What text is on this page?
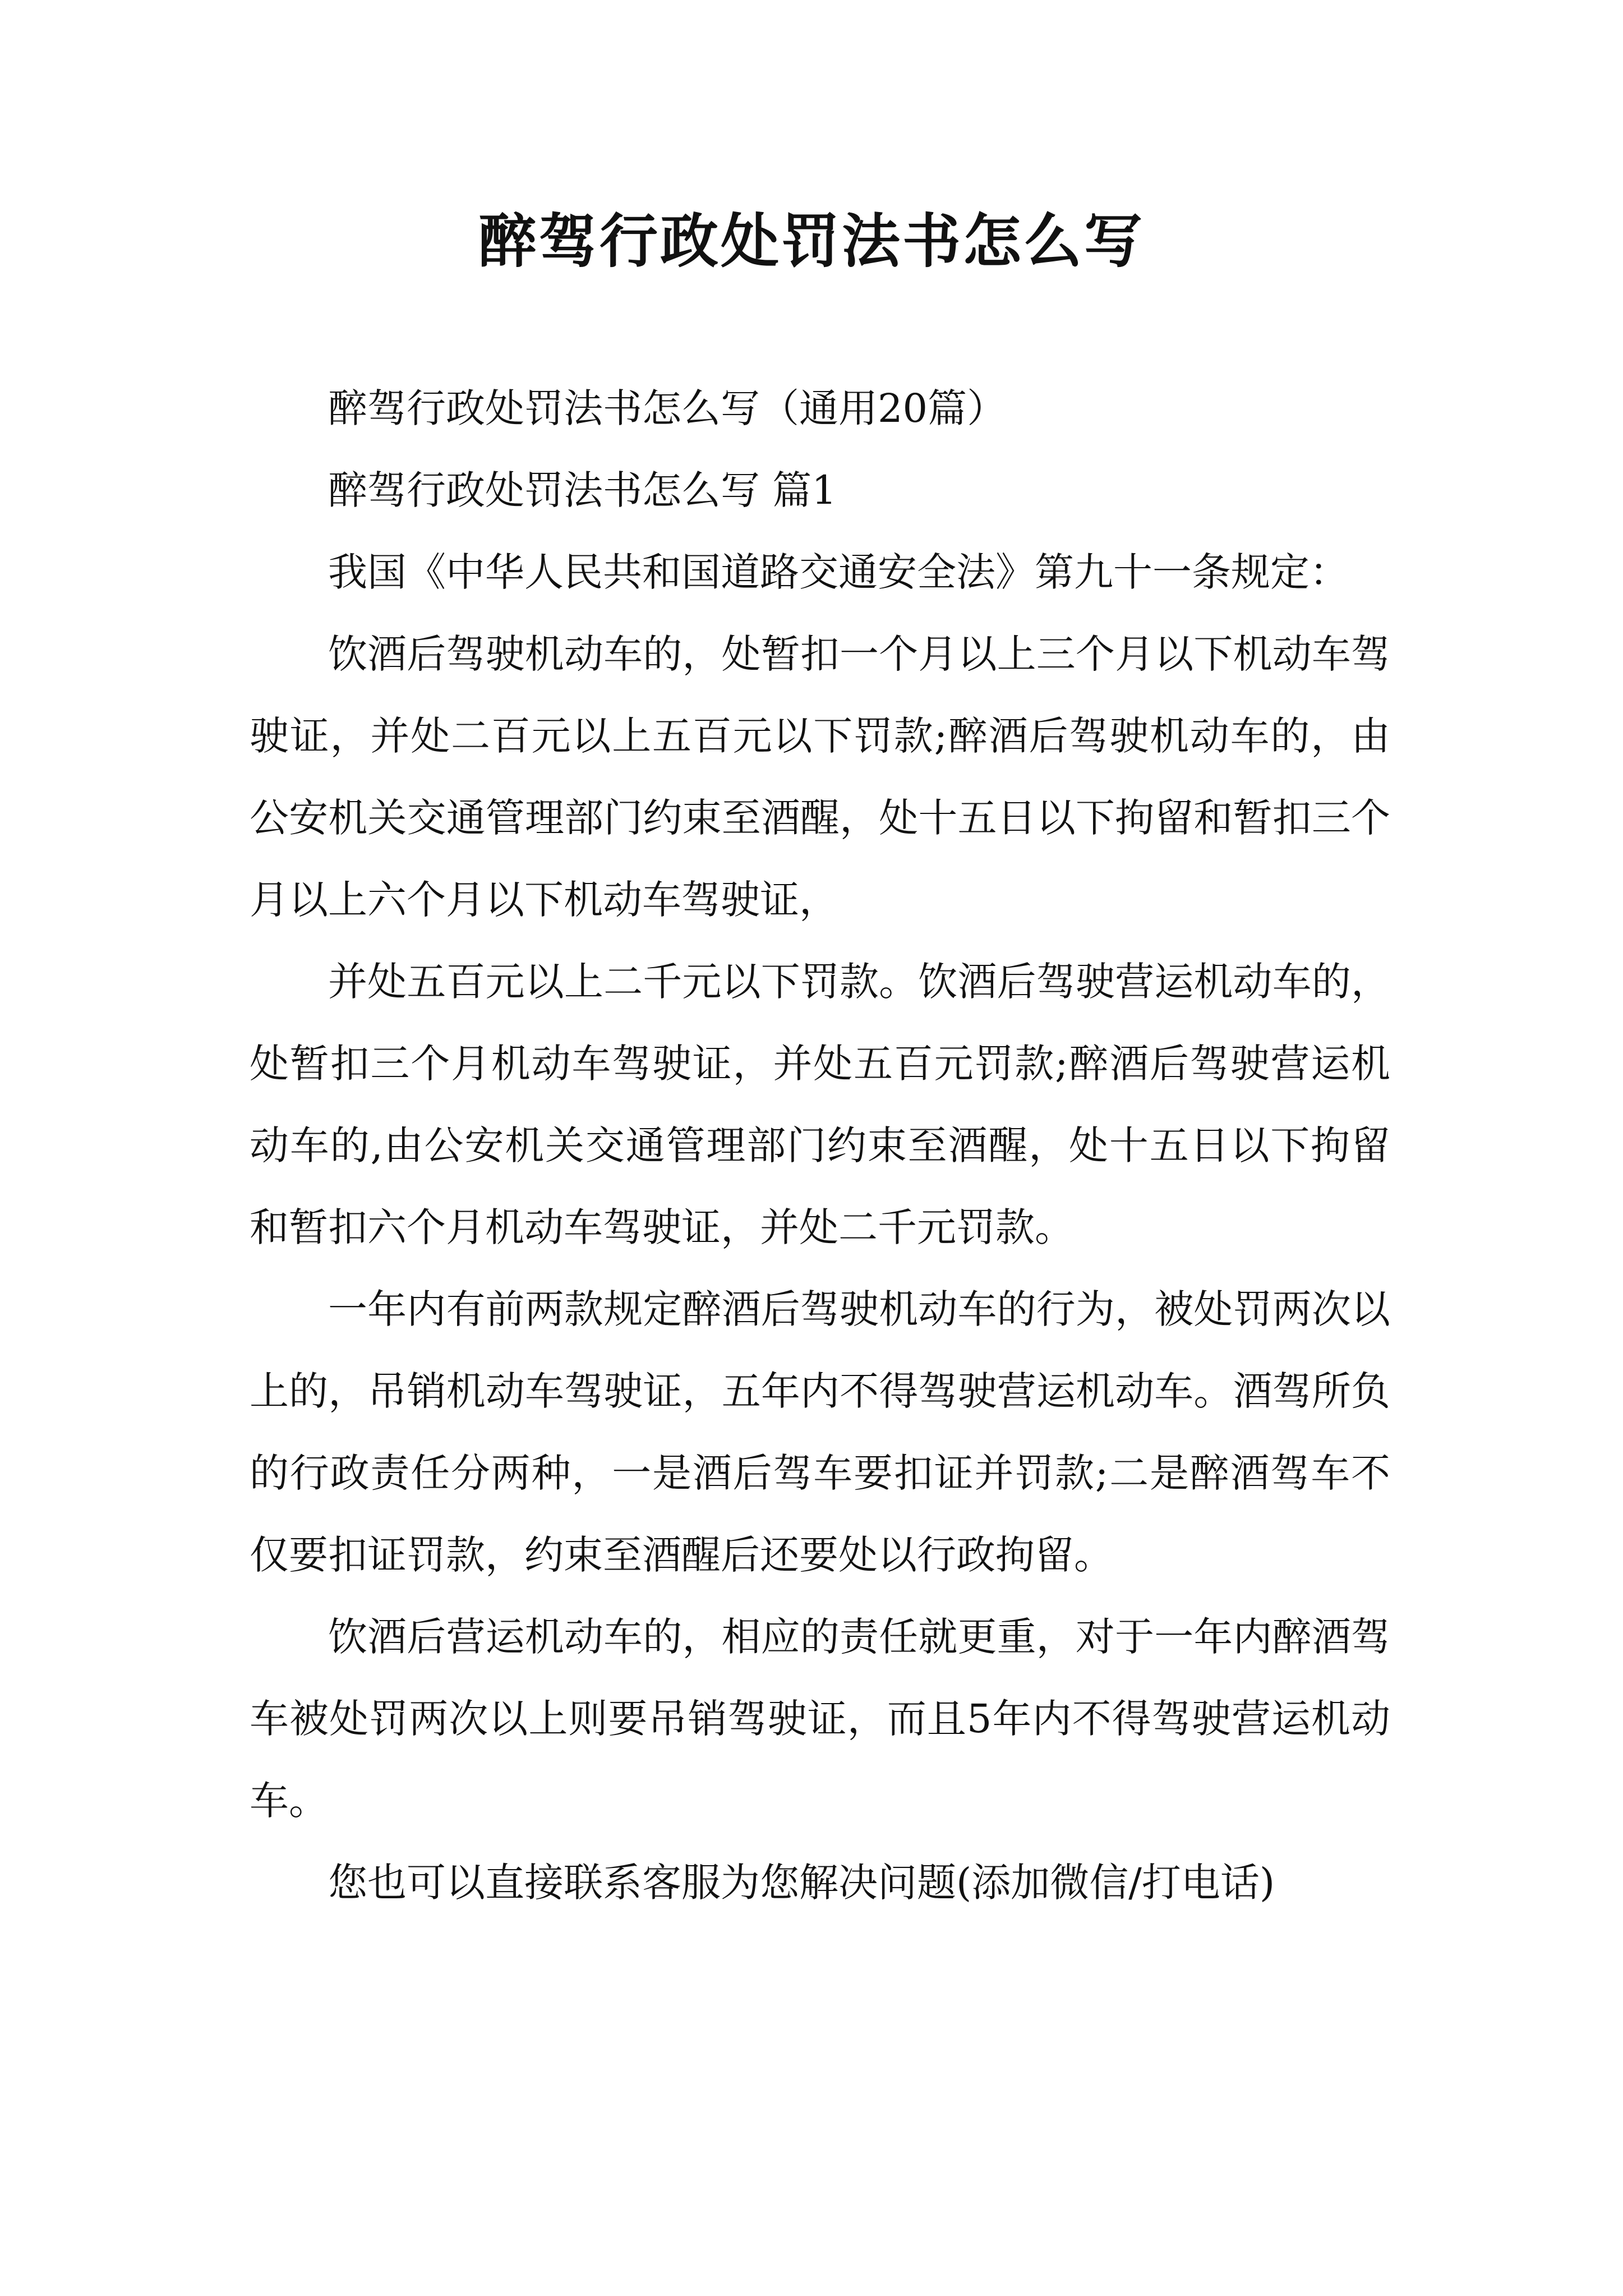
醉驾行政处罚法书怎么写

醉驾行政处罚法书怎么写（通用20篇）

醉驾行政处罚法书怎么写 篇1

我国《中华人民共和国道路交通安全法》第九十一条规定：

饮酒后驾驶机动车的，处暂扣一个月以上三个月以下机动车驾驶证，并处二百元以上五百元以下罚款;醉酒后驾驶机动车的，由公安机关交通管理部门约束至酒醒，处十五日以下拘留和暂扣三个月以上六个月以下机动车驾驶证，

并处五百元以上二千元以下罚款。饮酒后驾驶营运机动车的，处暂扣三个月机动车驾驶证，并处五百元罚款;醉酒后驾驶营运机动车的,由公安机关交通管理部门约束至酒醒，处十五日以下拘留和暂扣六个月机动车驾驶证，并处二千元罚款。

一年内有前两款规定醉酒后驾驶机动车的行为，被处罚两次以上的，吊销机动车驾驶证，五年内不得驾驶营运机动车。酒驾所负的行政责任分两种，一是酒后驾车要扣证并罚款;二是醉酒驾车不仅要扣证罚款，约束至酒醒后还要处以行政拘留。

饮酒后营运机动车的，相应的责任就更重，对于一年内醉酒驾车被处罚两次以上则要吊销驾驶证，而且5年内不得驾驶营运机动车。

您也可以直接联系客服为您解决问题(添加微信/打电话)
